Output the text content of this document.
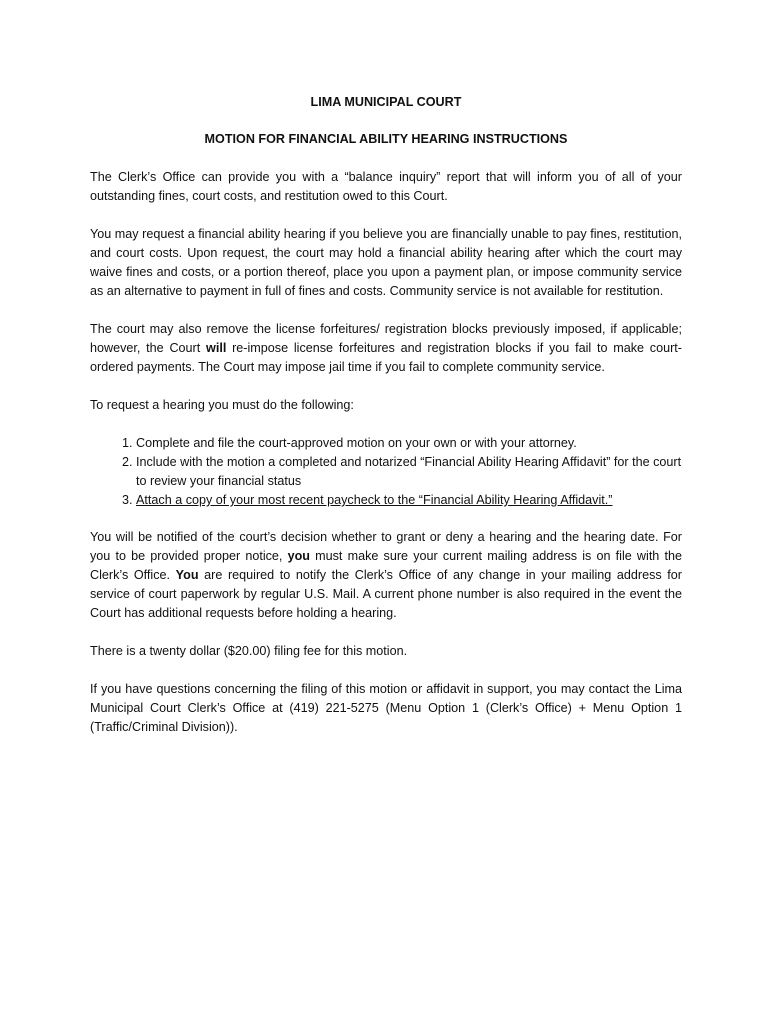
LIMA MUNICIPAL COURT
MOTION FOR FINANCIAL ABILITY HEARING INSTRUCTIONS

The Clerk’s Office can provide you with a “balance inquiry” report that will inform you of all of your outstanding fines, court costs, and restitution owed to this Court.

You may request a financial ability hearing if you believe you are financially unable to pay fines, restitution, and court costs. Upon request, the court may hold a financial ability hearing after which the court may waive fines and costs, or a portion thereof, place you upon a payment plan, or impose community service as an alternative to payment in full of fines and costs. Community service is not available for restitution.

The court may also remove the license forfeitures/ registration blocks previously imposed, if applicable; however, the Court will re-impose license forfeitures and registration blocks if you fail to make court-ordered payments. The Court may impose jail time if you fail to complete community service.

To request a hearing you must do the following:

1. Complete and file the court-approved motion on your own or with your attorney.
2. Include with the motion a completed and notarized “Financial Ability Hearing Affidavit” for the court to review your financial status
3. Attach a copy of your most recent paycheck to the “Financial Ability Hearing Affidavit.”

You will be notified of the court’s decision whether to grant or deny a hearing and the hearing date. For you to be provided proper notice, you must make sure your current mailing address is on file with the Clerk’s Office. You are required to notify the Clerk’s Office of any change in your mailing address for service of court paperwork by regular U.S. Mail. A current phone number is also required in the event the Court has additional requests before holding a hearing.

There is a twenty dollar ($20.00) filing fee for this motion.

If you have questions concerning the filing of this motion or affidavit in support, you may contact the Lima Municipal Court Clerk’s Office at (419) 221-5275 (Menu Option 1 (Clerk’s Office) + Menu Option 1 (Traffic/Criminal Division)).
